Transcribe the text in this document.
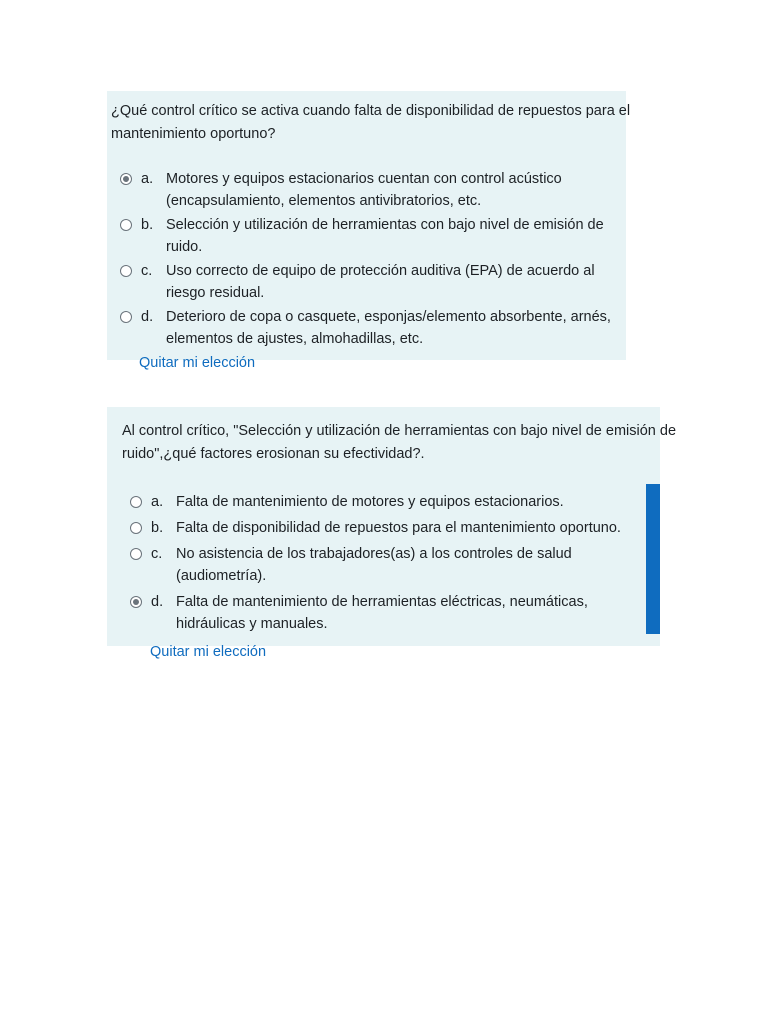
¿Qué control crítico se activa cuando falta de disponibilidad de repuestos para el
mantenimiento oportuno?

a. Motores y equipos estacionarios cuentan con control acústico (encapsulamiento, elementos antivibratorios, etc.
b. Selección y utilización de herramientas con bajo nivel de emisión de ruido.
c. Uso correcto de equipo de protección auditiva (EPA) de acuerdo al riesgo residual.
d. Deterioro de copa o casquete, esponjas/elemento absorbente, arnés, elementos de ajustes, almohadillas, etc.
Quitar mi elección

Al control crítico, "Selección y utilización de herramientas con bajo nivel de emisión de
ruido",¿qué factores erosionan su efectividad?.

a. Falta de mantenimiento de motores y equipos estacionarios.
b. Falta de disponibilidad de repuestos para el mantenimiento oportuno.
c. No asistencia de los trabajadores(as) a los controles de salud (audiometría).
d. Falta de mantenimiento de herramientas eléctricas, neumáticas, hidráulicas y manuales.
Quitar mi elección
